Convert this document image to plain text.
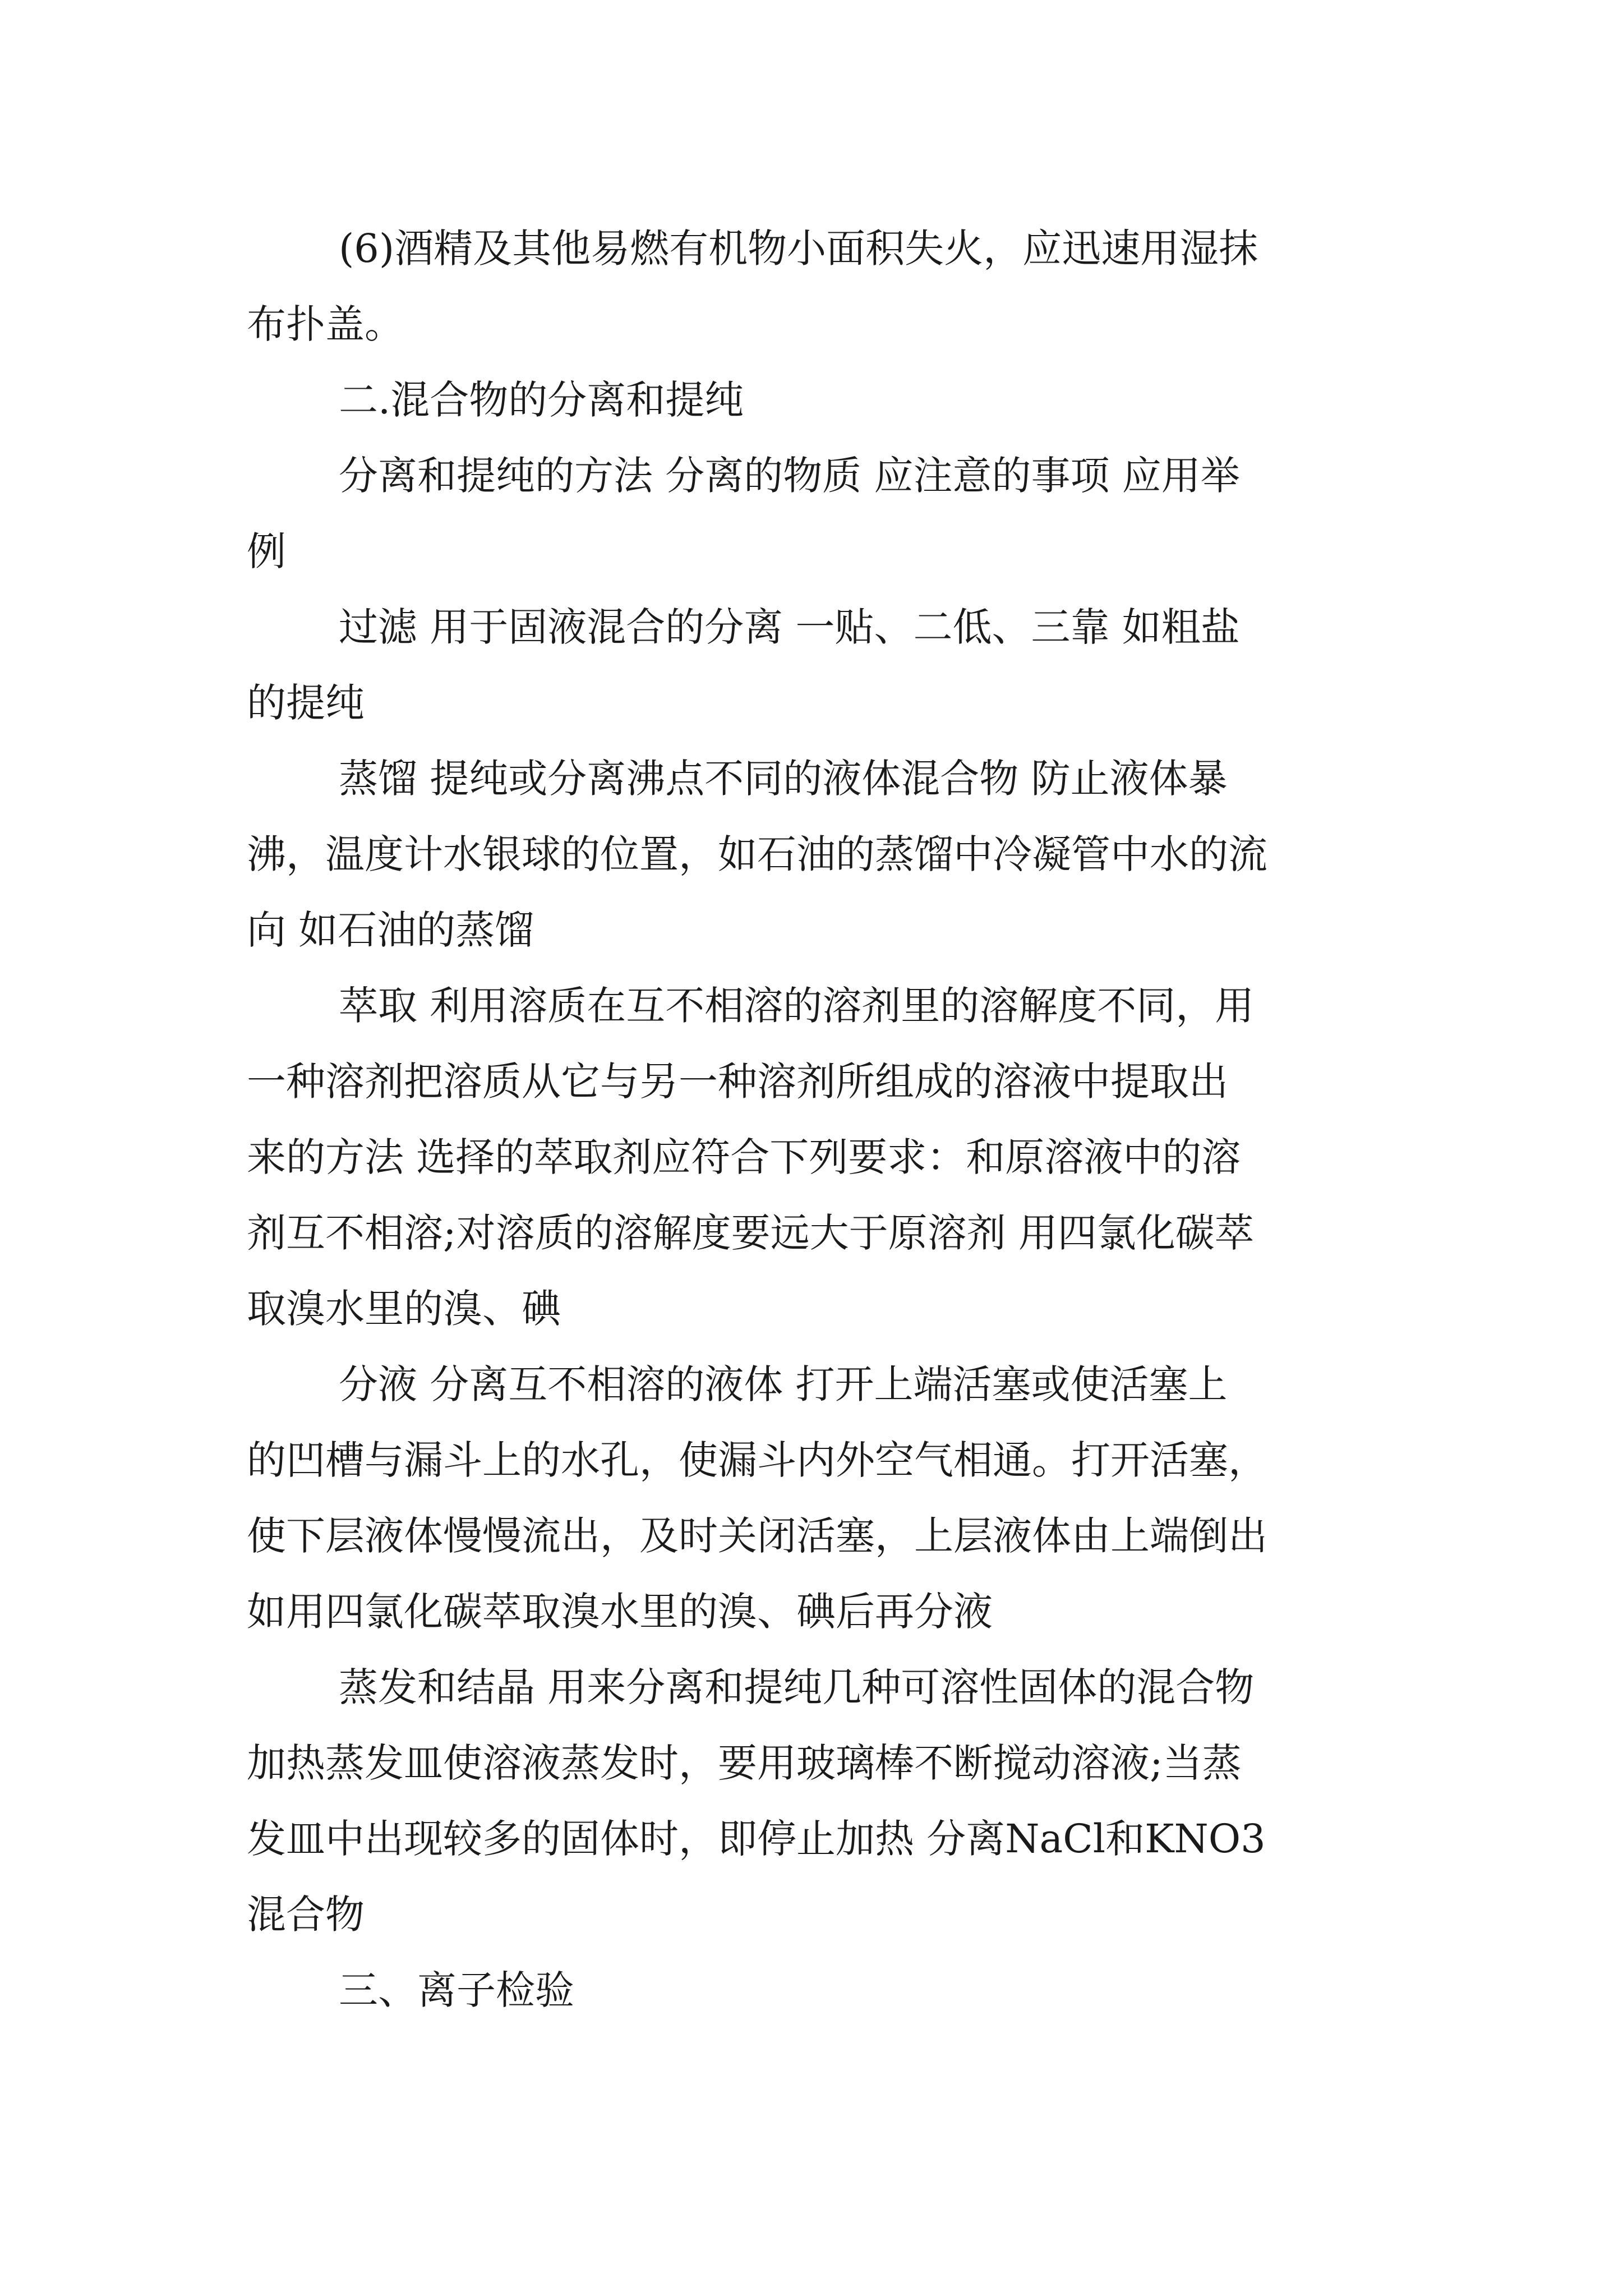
(6)酒精及其他易燃有机物小面积失火，应迅速用湿抹

布扑盖。

二.混合物的分离和提纯

分离和提纯的方法 分离的物质 应注意的事项 应用举

例

过滤 用于固液混合的分离 一贴、二低、三靠 如粗盐

的提纯

蒸馏 提纯或分离沸点不同的液体混合物 防止液体暴

沸，温度计水银球的位置，如石油的蒸馏中冷凝管中水的流

向 如石油的蒸馏

萃取 利用溶质在互不相溶的溶剂里的溶解度不同，用

一种溶剂把溶质从它与另一种溶剂所组成的溶液中提取出

来的方法 选择的萃取剂应符合下列要求：和原溶液中的溶

剂互不相溶;对溶质的溶解度要远大于原溶剂 用四氯化碳萃

取溴水里的溴、碘

分液 分离互不相溶的液体 打开上端活塞或使活塞上

的凹槽与漏斗上的水孔，使漏斗内外空气相通。打开活塞，

使下层液体慢慢流出，及时关闭活塞，上层液体由上端倒出

如用四氯化碳萃取溴水里的溴、碘后再分液

蒸发和结晶 用来分离和提纯几种可溶性固体的混合物

加热蒸发皿使溶液蒸发时，要用玻璃棒不断搅动溶液;当蒸

发皿中出现较多的固体时，即停止加热 分离NaCl和KNO3

混合物

三、离子检验
